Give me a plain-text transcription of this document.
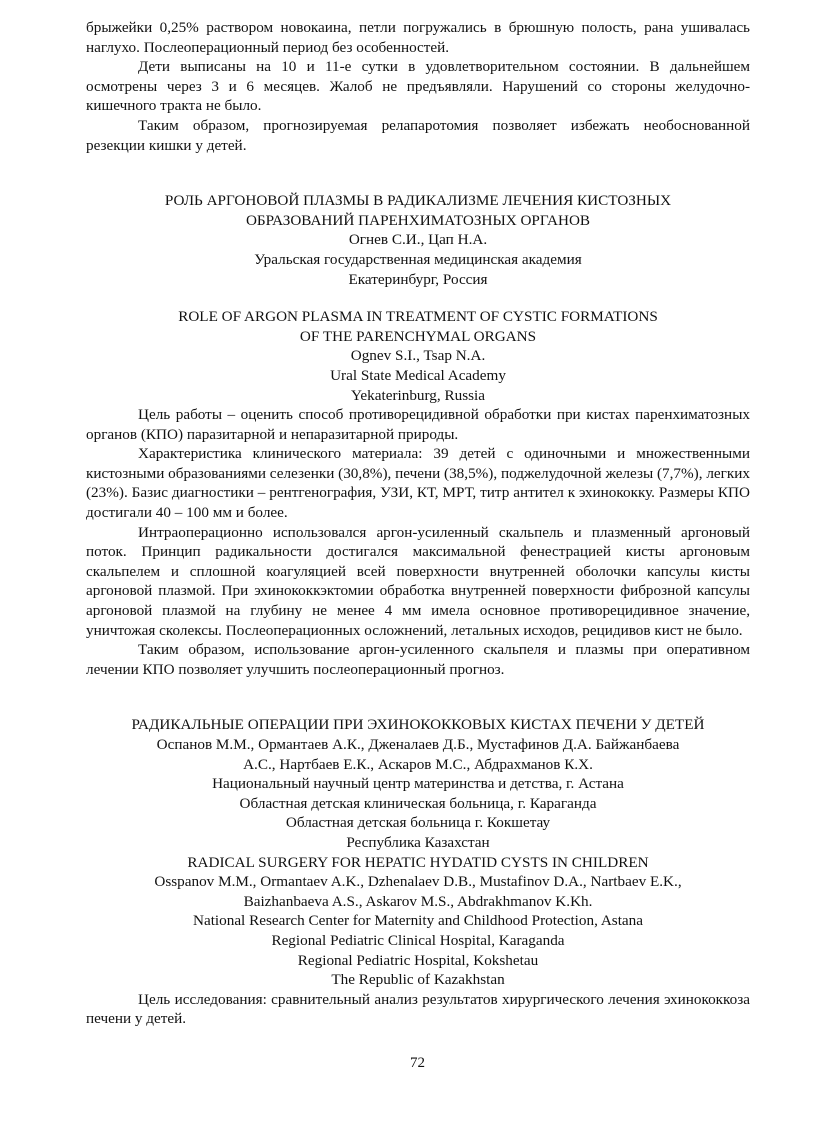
брыжейки 0,25% раствором новокаина, петли погружались в брюшную полость, рана ушивалась наглухо. Послеоперационный период без особенностей.

Дети выписаны на 10 и 11-е сутки в удовлетворительном состоянии. В дальнейшем осмотрены через 3 и 6 месяцев. Жалоб не предъявляли. Нарушений со стороны желудочно-кишечного тракта не было.

Таким образом, прогнозируемая релапаротомия позволяет избежать необоснованной резекции кишки у детей.

РОЛЬ АРГОНОВОЙ ПЛАЗМЫ В РАДИКАЛИЗМЕ ЛЕЧЕНИЯ КИСТОЗНЫХ

ОБРАЗОВАНИЙ ПАРЕНХИМАТОЗНЫХ ОРГАНОВ

Огнев С.И., Цап Н.А.

Уральская государственная медицинская академия

Екатеринбург, Россия

ROLE OF ARGON PLASMA IN TREATMENT OF CYSTIC FORMATIONS

OF THE PARENCHYMAL ORGANS

Ognev S.I., Tsap N.A.

Ural State Medical Academy

Yekaterinburg, Russia

Цель работы – оценить способ противорецидивной обработки при кистах паренхиматозных органов (КПО) паразитарной и непаразитарной природы.

Характеристика клинического материала: 39 детей с одиночными и множественными кистозными образованиями селезенки (30,8%), печени (38,5%), поджелудочной железы (7,7%), легких (23%). Базис диагностики – рентгенография, УЗИ, КТ, МРТ, титр антител к эхинококку. Размеры КПО достигали 40 – 100 мм и более.

Интраоперационно использовался аргон-усиленный скальпель и плазменный аргоновый поток. Принцип радикальности достигался максимальной фенестрацией кисты аргоновым скальпелем и сплошной коагуляцией всей поверхности внутренней оболочки капсулы кисты аргоновой плазмой. При эхинококкэктомии обработка внутренней поверхности фиброзной капсулы аргоновой плазмой на глубину не менее 4 мм имела основное противорецидивное значение, уничтожая сколексы. Послеоперационных осложнений, летальных исходов, рецидивов кист не было.

Таким образом, использование аргон-усиленного скальпеля и плазмы при оперативном лечении КПО позволяет улучшить послеоперационный прогноз.

РАДИКАЛЬНЫЕ ОПЕРАЦИИ ПРИ ЭХИНОКОККОВЫХ КИСТАХ ПЕЧЕНИ У ДЕТЕЙ

Оспанов М.М., Ормантаев А.К., Дженалаев Д.Б., Мустафинов Д.А. Байжанбаева

А.С., Нартбаев Е.К., Аскаров М.С., Абдрахманов К.Х.

Национальный научный центр материнства и детства, г. Астана

Областная детская клиническая больница, г. Караганда

Областная детская больница г. Кокшетау

Республика Казахстан

RADICAL SURGERY FOR HEPATIC HYDATID CYSTS IN CHILDREN

Osspanov M.M., Ormantaev A.K., Dzhenalaev D.B., Mustafinov D.A., Nartbaev E.K.,

Baizhanbaeva A.S., Askarov M.S., Abdrakhmanov K.Kh.

National Research Center for Maternity and Childhood Protection, Astana

Regional Pediatric Clinical Hospital, Karaganda

Regional Pediatric Hospital, Kokshetau

The Republic of Kazakhstan

Цель исследования: сравнительный анализ результатов хирургического лечения эхинококкоза печени у детей.

72
